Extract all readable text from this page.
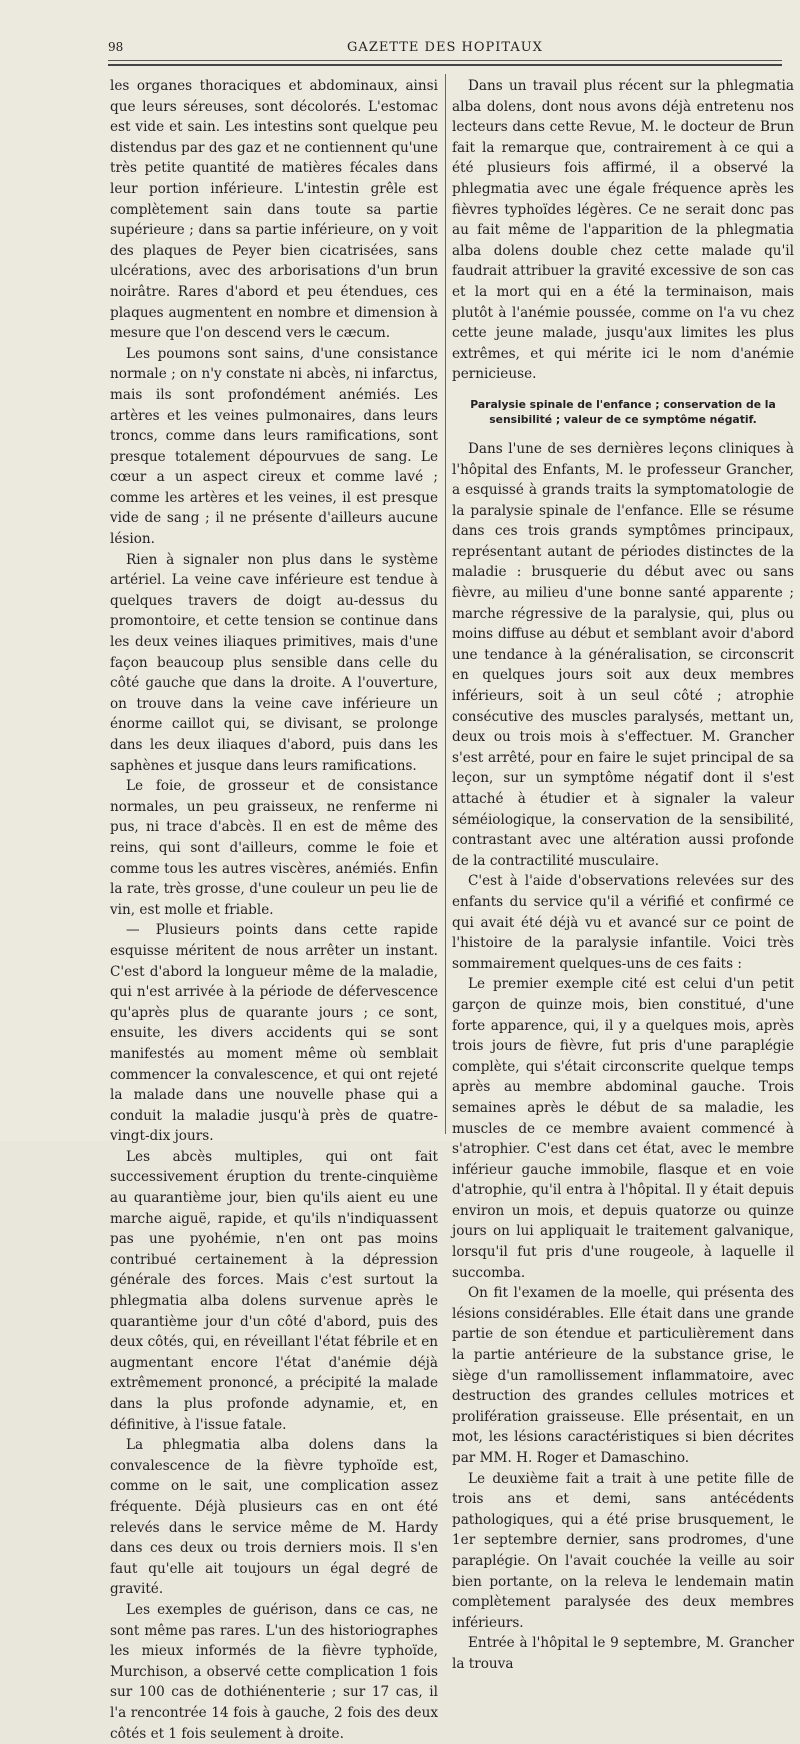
98	GAZETTE DES HOPITAUX

les organes thoraciques et abdominaux, ainsi que leurs séreuses, sont décolorés. L'estomac est vide et sain. Les intestins sont quelque peu distendus par des gaz et ne contiennent qu'une très petite quantité de matières fécales dans leur portion inférieure. L'intestin grêle est complètement sain dans toute sa partie supérieure ; dans sa partie inférieure, on y voit des plaques de Peyer bien cicatrisées, sans ulcérations, avec des arborisations d'un brun noirâtre. Rares d'abord et peu étendues, ces plaques augmentent en nombre et dimension à mesure que l'on descend vers le cæcum.

Les poumons sont sains, d'une consistance normale ; on n'y constate ni abcès, ni infarctus, mais ils sont profondément anémiés. Les artères et les veines pulmonaires, dans leurs troncs, comme dans leurs ramifications, sont presque totalement dépourvues de sang. Le cœur a un aspect cireux et comme lavé ; comme les artères et les veines, il est presque vide de sang ; il ne présente d'ailleurs aucune lésion.

Rien à signaler non plus dans le système artériel. La veine cave inférieure est tendue à quelques travers de doigt au-dessus du promontoire, et cette tension se continue dans les deux veines iliaques primitives, mais d'une façon beaucoup plus sensible dans celle du côté gauche que dans la droite. A l'ouverture, on trouve dans la veine cave inférieure un énorme caillot qui, se divisant, se prolonge dans les deux iliaques d'abord, puis dans les saphènes et jusque dans leurs ramifications.

Le foie, de grosseur et de consistance normales, un peu graisseux, ne renferme ni pus, ni trace d'abcès. Il en est de même des reins, qui sont d'ailleurs, comme le foie et comme tous les autres viscères, anémiés. Enfin la rate, très grosse, d'une couleur un peu lie de vin, est molle et friable.

— Plusieurs points dans cette rapide esquisse méritent de nous arrêter un instant. C'est d'abord la longueur même de la maladie, qui n'est arrivée à la période de défervescence qu'après plus de quarante jours ; ce sont, ensuite, les divers accidents qui se sont manifestés au moment même où semblait commencer la convalescence, et qui ont rejeté la malade dans une nouvelle phase qui a conduit la maladie jusqu'à près de quatre-vingt-dix jours.

Les abcès multiples, qui ont fait successivement éruption du trente-cinquième au quarantième jour, bien qu'ils aient eu une marche aiguë, rapide, et qu'ils n'indiquassent pas une pyohémie, n'en ont pas moins contribué certainement à la dépression générale des forces. Mais c'est surtout la phlegmatia alba dolens survenue après le quarantième jour d'un côté d'abord, puis des deux côtés, qui, en réveillant l'état fébrile et en augmentant encore l'état d'anémie déjà extrêmement prononcé, a précipité la malade dans la plus profonde adynamie, et, en définitive, à l'issue fatale.

La phlegmatia alba dolens dans la convalescence de la fièvre typhoïde est, comme on le sait, une complication assez fréquente. Déjà plusieurs cas en ont été relevés dans le service même de M. Hardy dans ces deux ou trois derniers mois. Il s'en faut qu'elle ait toujours un égal degré de gravité.

Les exemples de guérison, dans ce cas, ne sont même pas rares. L'un des historiographes les mieux informés de la fièvre typhoïde, Murchison, a observé cette complication 1 fois sur 100 cas de dothiénenterie ; sur 17 cas, il l'a rencontrée 14 fois à gauche, 2 fois des deux côtés et 1 fois seulement à droite.

Dans un travail plus récent sur la phlegmatia alba dolens, dont nous avons déjà entretenu nos lecteurs dans cette Revue, M. le docteur de Brun fait la remarque que, contrairement à ce qui a été plusieurs fois affirmé, il a observé la phlegmatia avec une égale fréquence après les fièvres typhoïdes légères. Ce ne serait donc pas au fait même de l'apparition de la phlegmatia alba dolens double chez cette malade qu'il faudrait attribuer la gravité excessive de son cas et la mort qui en a été la terminaison, mais plutôt à l'anémie poussée, comme on l'a vu chez cette jeune malade, jusqu'aux limites les plus extrêmes, et qui mérite ici le nom d'anémie pernicieuse.

Paralysie spinale de l'enfance ; conservation de la sensibilité ; valeur de ce symptôme négatif.

Dans l'une de ses dernières leçons cliniques à l'hôpital des Enfants, M. le professeur Grancher, a esquissé à grands traits la symptomatologie de la paralysie spinale de l'enfance. Elle se résume dans ces trois grands symptômes principaux, représentant autant de périodes distinctes de la maladie : brusquerie du début avec ou sans fièvre, au milieu d'une bonne santé apparente ; marche régressive de la paralysie, qui, plus ou moins diffuse au début et semblant avoir d'abord une tendance à la généralisation, se circonscrit en quelques jours soit aux deux membres inférieurs, soit à un seul côté ; atrophie consécutive des muscles paralysés, mettant un, deux ou trois mois à s'effectuer. M. Grancher s'est arrêté, pour en faire le sujet principal de sa leçon, sur un symptôme négatif dont il s'est attaché à étudier et à signaler la valeur séméiologique, la conservation de la sensibilité, contrastant avec une altération aussi profonde de la contractilité musculaire.

C'est à l'aide d'observations relevées sur des enfants du service qu'il a vérifié et confirmé ce qui avait été déjà vu et avancé sur ce point de l'histoire de la paralysie infantile. Voici très sommairement quelques-uns de ces faits :

Le premier exemple cité est celui d'un petit garçon de quinze mois, bien constitué, d'une forte apparence, qui, il y a quelques mois, après trois jours de fièvre, fut pris d'une paraplégie complète, qui s'était circonscrite quelque temps après au membre abdominal gauche. Trois semaines après le début de sa maladie, les muscles de ce membre avaient commencé à s'atrophier. C'est dans cet état, avec le membre inférieur gauche immobile, flasque et en voie d'atrophie, qu'il entra à l'hôpital. Il y était depuis environ un mois, et depuis quatorze ou quinze jours on lui appliquait le traitement galvanique, lorsqu'il fut pris d'une rougeole, à laquelle il succomba.

On fit l'examen de la moelle, qui présenta des lésions considérables. Elle était dans une grande partie de son étendue et particulièrement dans la partie antérieure de la substance grise, le siège d'un ramollissement inflammatoire, avec destruction des grandes cellules motrices et prolifération graisseuse. Elle présentait, en un mot, les lésions caractéristiques si bien décrites par MM. H. Roger et Damaschino.

Le deuxième fait a trait à une petite fille de trois ans et demi, sans antécédents pathologiques, qui a été prise brusquement, le 1er septembre dernier, sans prodromes, d'une paraplégie. On l'avait couchée la veille au soir bien portante, on la releva le lendemain matin complètement paralysée des deux membres inférieurs.

Entrée à l'hôpital le 9 septembre, M. Grancher la trouva
